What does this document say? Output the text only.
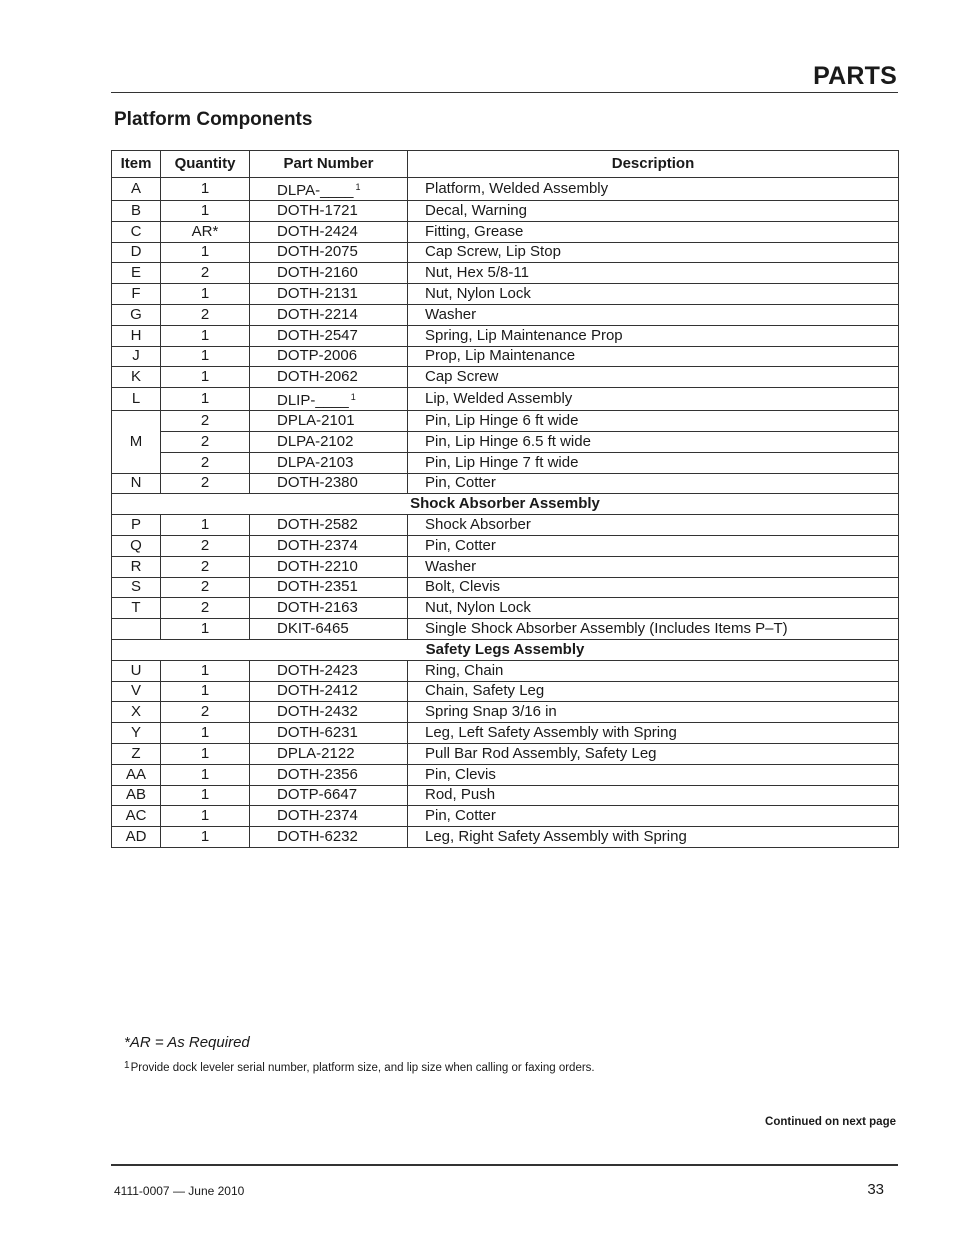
PARTS
Platform Components
Item	Quantity	Part Number	Description
A	1	DLPA-____ $^1$	Platform, Welded Assembly
B	1	DOTH-1721	Decal, Warning
C	AR*	DOTH-2424	Fitting, Grease
D	1	DOTH-2075	Cap Screw, Lip Stop
E	2	DOTH-2160	Nut, Hex 5/8-11
F	1	DOTH-2131	Nut, Nylon Lock
G	2	DOTH-2214	Washer
H	1	DOTH-2547	Spring, Lip Maintenance Prop
J	1	DOTP-2006	Prop, Lip Maintenance
K	1	DOTH-2062	Cap Screw
L	1	DLIP-____ $^1$	Lip, Welded Assembly
M	2	DPLA-2101	Pin, Lip Hinge 6 ft wide
	2	DLPA-2102	Pin, Lip Hinge 6.5 ft wide
	2	DLPA-2103	Pin, Lip Hinge 7 ft wide
N	2	DOTH-2380	Pin, Cotter
Shock Absorber Assembly			
P	1	DOTH-2582	Shock Absorber
Q	2	DOTH-2374	Pin, Cotter
R	2	DOTH-2210	Washer
S	2	DOTH-2351	Bolt, Clevis
T	2	DOTH-2163	Nut, Nylon Lock
	1	DKIT-6465	Single Shock Absorber Assembly (Includes Items P–T)
Safety Legs Assembly			
U	1	DOTH-2423	Ring, Chain
V	1	DOTH-2412	Chain, Safety Leg
X	2	DOTH-2432	Spring Snap 3/16 in
Y	1	DOTH-6231	Leg, Left Safety Assembly with Spring
Z	1	DPLA-2122	Pull Bar Rod Assembly, Safety Leg
AA	1	DOTH-2356	Pin, Clevis
AB	1	DOTP-6647	Rod, Push
AC	1	DOTH-2374	Pin, Cotter
AD	1	DOTH-6232	Leg, Right Safety Assembly with Spring
*AR = As Required
$^1$Provide dock leveler serial number, platform size, and lip size when calling or faxing orders.
Continued on next page
4111-0007 — June 2010	33
